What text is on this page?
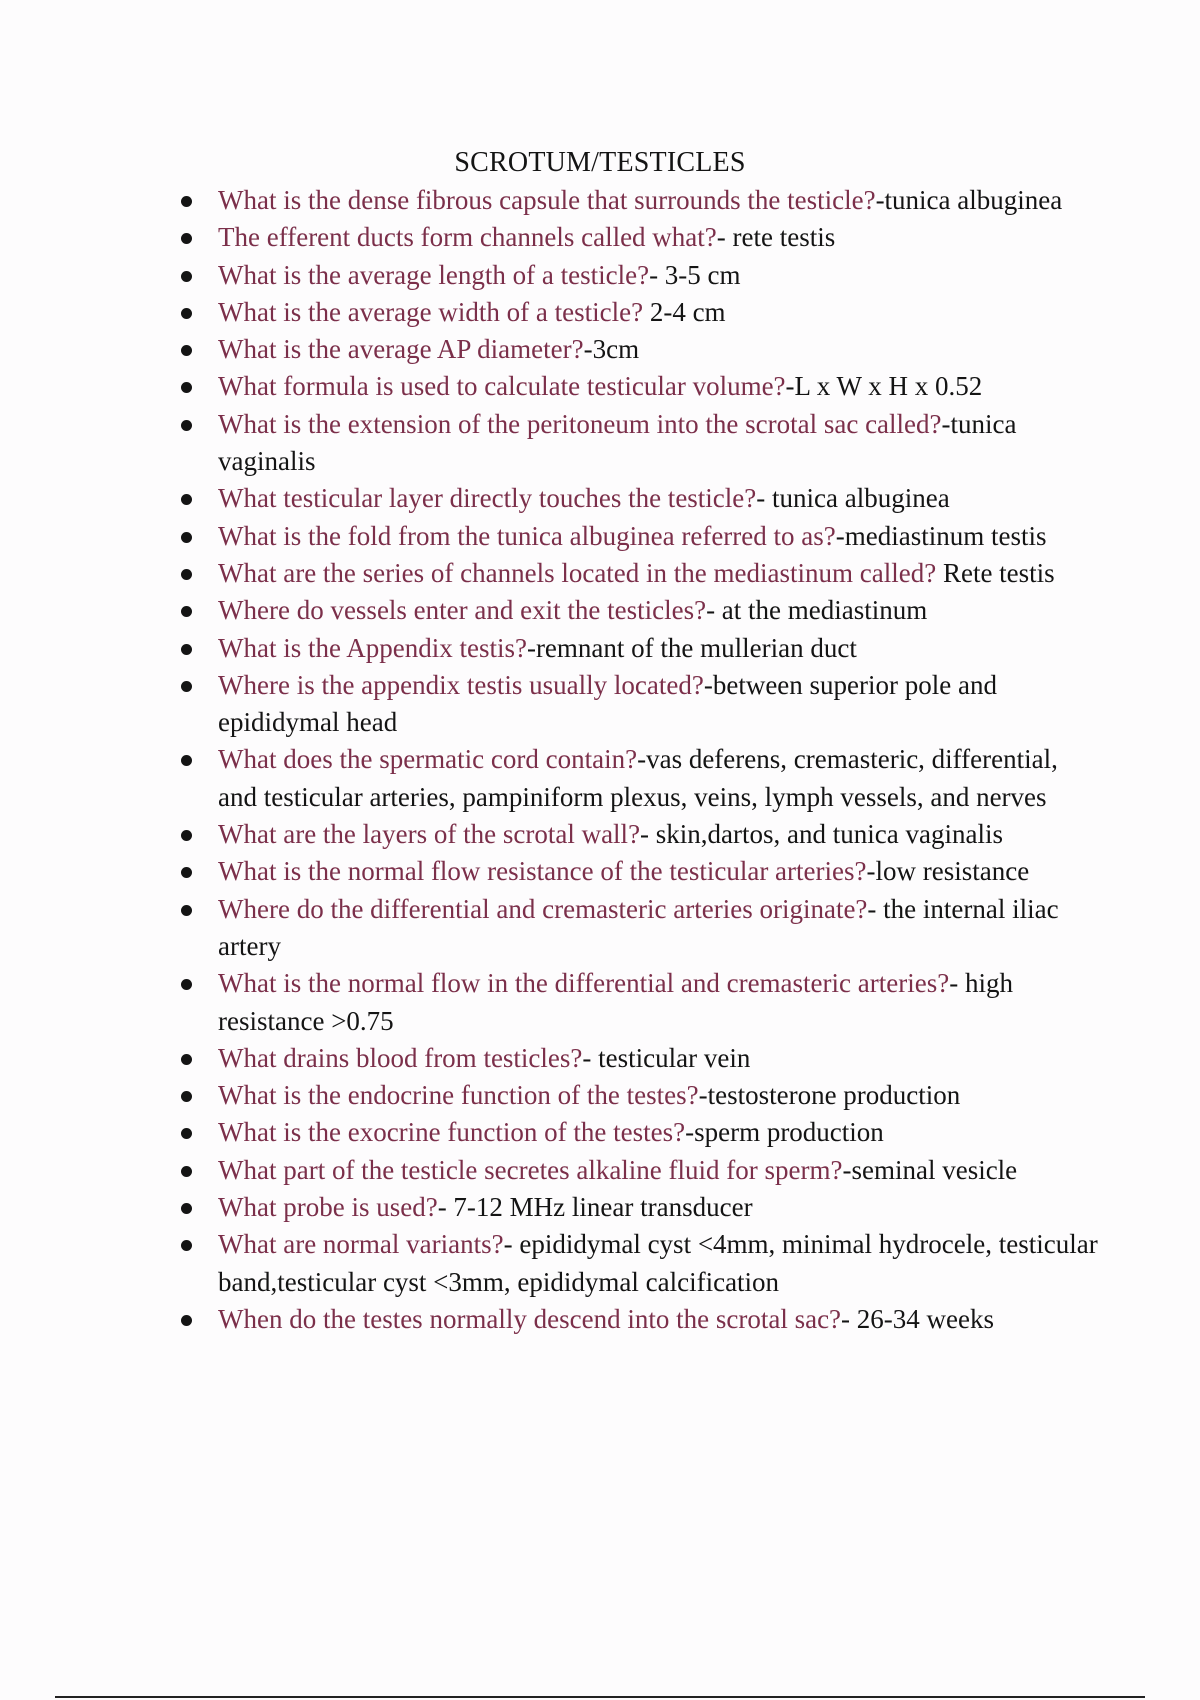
SCROTUM/TESTICLES
What is the dense fibrous capsule that surrounds the testicle?-tunica albuginea
The efferent ducts form channels called what?- rete testis
What is the average length of a testicle?- 3-5 cm
What is the average width of a testicle? 2-4 cm
What is the average AP diameter?-3cm
What formula is used to calculate testicular volume?-L x W x H x 0.52
What is the extension of the peritoneum into the scrotal sac called?-tunica vaginalis
What testicular layer directly touches the testicle?- tunica albuginea
What is the fold from the tunica albuginea referred to as?-mediastinum testis
What are the series of channels located in the mediastinum called? Rete testis
Where do vessels enter and exit the testicles?- at the mediastinum
What is the Appendix testis?-remnant of the mullerian duct
Where is the appendix testis usually located?-between superior pole and epididymal head
What does the spermatic cord contain?-vas deferens, cremasteric, differential, and testicular arteries, pampiniform plexus, veins, lymph vessels, and nerves
What are the layers of the scrotal wall?- skin,dartos, and tunica vaginalis
What is the normal flow resistance of the testicular arteries?-low resistance
Where do the differential and cremasteric arteries originate?- the internal iliac artery
What is the normal flow in the differential and cremasteric arteries?- high resistance >0.75
What drains blood from testicles?- testicular vein
What is the endocrine function of the testes?-testosterone production
What is the exocrine function of the testes?-sperm production
What part of the testicle secretes alkaline fluid for sperm?-seminal vesicle
What probe is used?- 7-12 MHz linear transducer
What are normal variants?- epididymal cyst <4mm, minimal hydrocele, testicular band,testicular cyst <3mm, epididymal calcification
When do the testes normally descend into the scrotal sac?- 26-34 weeks
